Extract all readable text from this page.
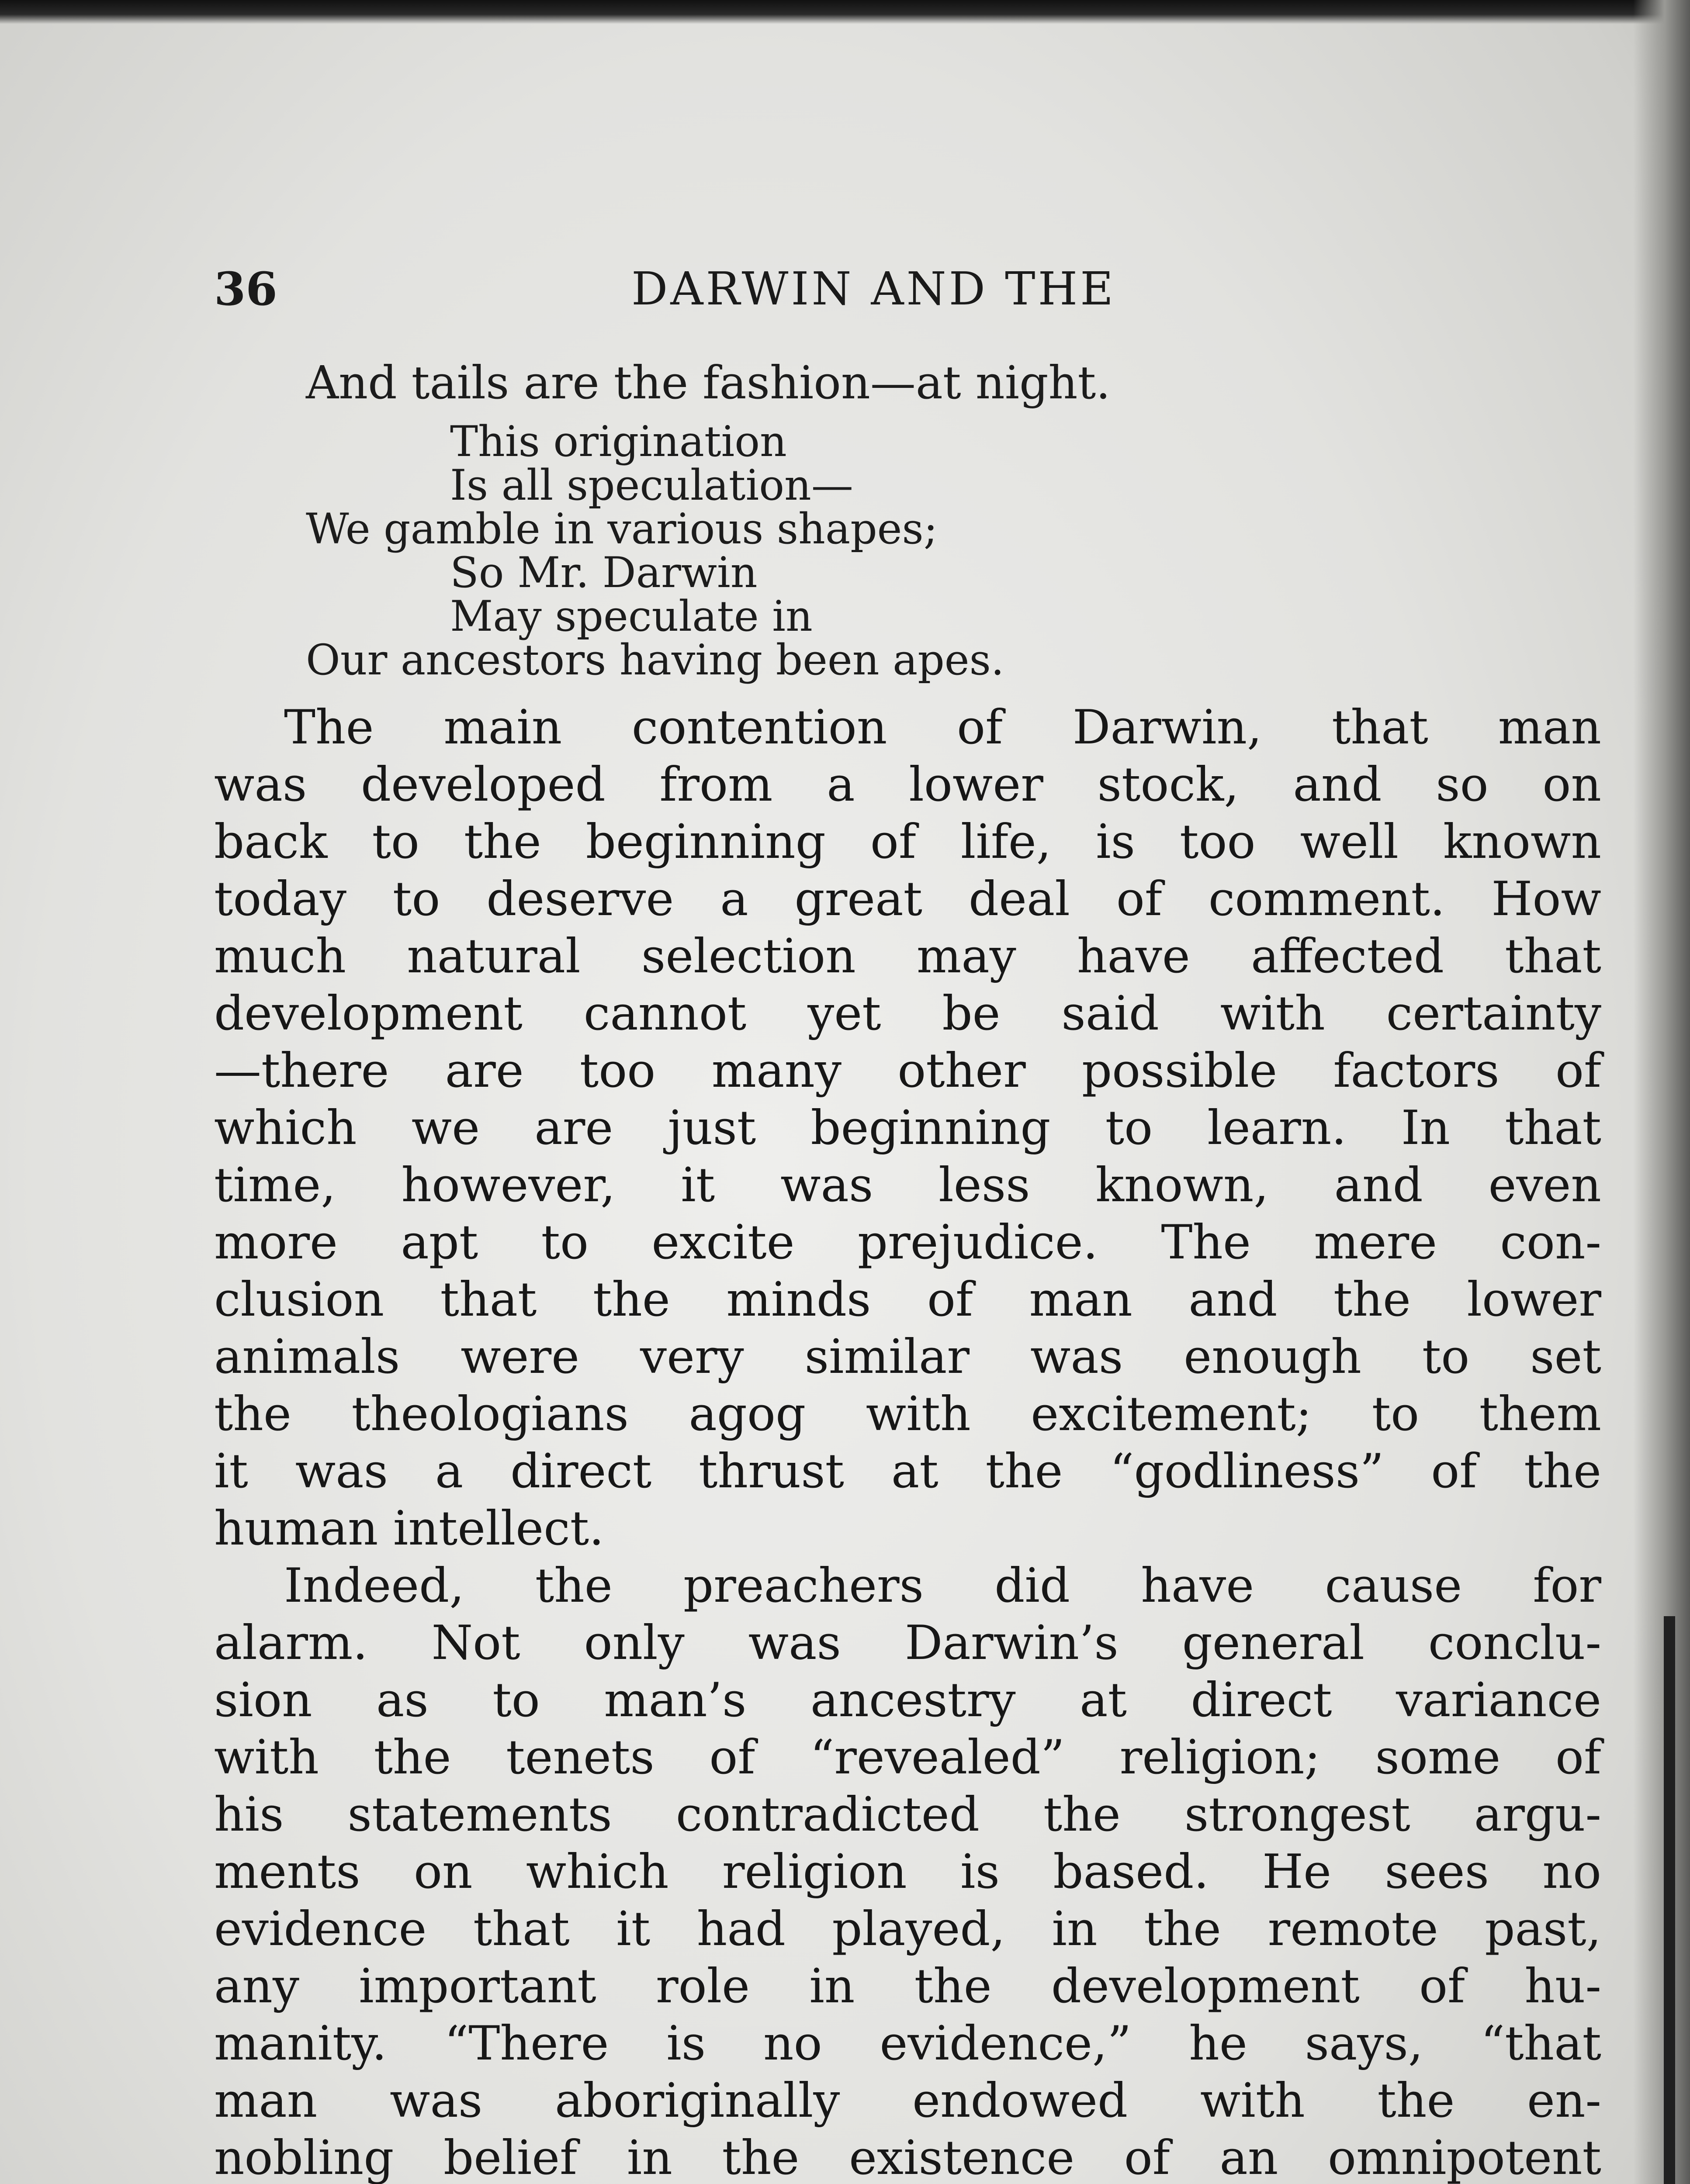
36	DARWIN AND THE
And tails are the fashion—at night.
This origination
Is all speculation—
We gamble in various shapes;
So Mr. Darwin
May speculate in
Our ancestors having been apes.
The main contention of Darwin, that man
was developed from a lower stock, and so on
back to the beginning of life, is too well known
today to deserve a great deal of comment. How
much natural selection may have affected that
development cannot yet be said with certainty
—there are too many other possible factors of
which we are just beginning to learn. In that
time, however, it was less known, and even
more apt to excite prejudice. The mere con-
clusion that the minds of man and the lower
animals were very similar was enough to set
the theologians agog with excitement; to them
it was a direct thrust at the “godliness” of the
human intellect.
Indeed, the preachers did have cause for
alarm. Not only was Darwin’s general conclu-
sion as to man’s ancestry at direct variance
with the tenets of “revealed” religion; some of
his statements contradicted the strongest argu-
ments on which religion is based. He sees no
evidence that it had played, in the remote past,
any important role in the development of hu-
manity. “There is no evidence,” he says, “that
man was aboriginally endowed with the en-
nobling belief in the existence of an omnipotent
